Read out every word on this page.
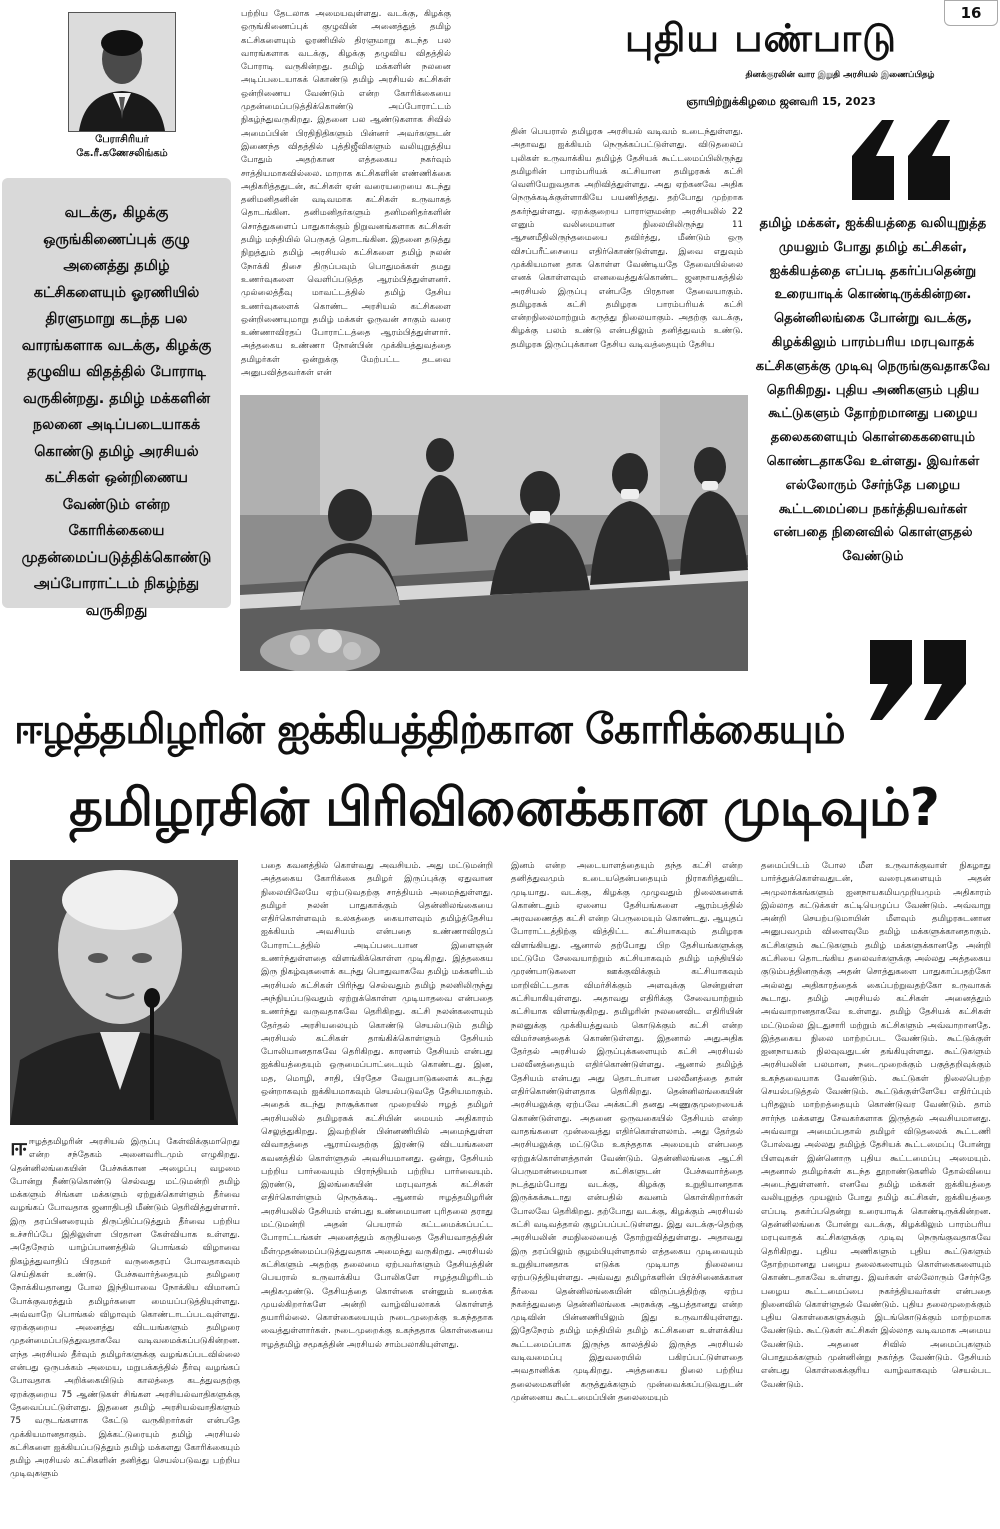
பேராசிரியர்
கே.ரீ.கணேசலிங்கம்
வடக்கு, கிழக்கு ஒருங்கிணைப்புக் குழு அனைத்து தமிழ் கட்சிகளையும் ஓரணியில் திரளுமாறு கடந்த பல வாரங்களாக வடக்கு, கிழக்கு தழுவிய விதத்தில் போராடி வருகின்றது. தமிழ் மக்களின் நலனை அடிப்படையாகக் கொண்டு தமிழ் அரசியல் கட்சிகள் ஒன்றிணைய வேண்டும் என்ற கோரிக்கையை முதன்மைப்படுத்திக்கொண்டு அப்போராட்டம் நிகழ்ந்து வருகிறது
பற்றிய தேடலாக அமையவுள்ளது. வடக்கு, கிழக்கு ஒருங்கிணைப்புக் குழுவின் அனைத்துத் தமிழ் கட்சிகளையும் ஓரணியில் திரளுமாறு கடந்த பல வாரங்களாக வடக்கு, கிழக்கு தழுவிய விதத்தில் போராடி வருகின்றது. தமிழ் மக்களின் நலனை அடிப்படையாகக் கொண்டு தமிழ் அரசியல் கட்சிகள் ஒன்றிணைய வேண்டும் என்ற கோரிக்கையை முதன்மைப்படுத்திக்கொண்டு அப்போராட்டம் நிகழ்ந்துவருகிறது. இதனை பல ஆண்டுகளாக சிவில் அமைப்பின் பிரதிநிதிகளும் பின்னர் அவர்களுடன் இணைந்த விதத்தில் புத்திஜீவிகளும் வலியுறுத்திய போதும் அதற்கான எத்தகைய நகர்வும் சாத்தியமாகவில்லை. மாறாக கட்சிகளின் எண்ணிக்கை அதிகரித்ததுடன், கட்சிகள் ஏன் வரையறையை கடந்து தனிமனிதனின் வடிவமாக கட்சிகள் உருவாகத் தொடங்கின. தனிமனிதர்களும் தனிமனிதர்களின் சொத்துகளைப் பாதுகாக்கும் நிறுவனங்களாக கட்சிகள் தமிழ் மந்தியில் பெருகத் தொடங்கின. இதனை தடுத்து நிறுத்தும் தமிழ் அரசியல் கட்சிகளை தமிழ் நலன் நோக்கி திசை திருப்பவும் பொதுமக்கள் தமது உணர்வுகளை வெளிப்படுத்த ஆரம்பித்துள்ளனர். முல்லைத்தீவு மாவட்டத்தில் தமிழ் தேசிய உணர்வுகளைக் கொண்ட அரசியல் கட்சிகளை ஒன்றிணையுமாறு தமிழ் மக்கள் ஓருவன் சாகும் வரை உண்ணாவிரதப் போராட்டத்தை ஆரம்பித்துள்ளார். அத்தகைய உண்ணா நோன்பின் முக்கியத்துவத்தை தமிழர்கள் ஒன்றுக்கு மேற்பட்ட தடவை அனுபவித்தவர்கள் என்
புதிய பண்பாடு
16
தினக்குரலின் வார இறுதி அரசியல் இணைப்பிதழ்
ஞாயிற்றுக்கிழமை ஜனவரி 15, 2023
தின் பெயரால் தமிழரசு அரசியல் வடிவம் உடைந்துள்ளது. அதாவது ஐக்கியம் நெருக்கப்பட்டுள்ளது. விடுதலைப் புலிகள் உருவாக்கிய தமிழ்த் தேசியக் கூட்டமைப்பிலிருந்து தமிழரின் பாரம்பரியக் கட்சியான தமிழரசுக் கட்சி வெளியேறுவதாக அறிவித்துள்ளது. அது ஏற்கனவே அதிக நெருக்கடிக்குள்ளாகியே பயணித்தது. தற்போது முற்றாக தகர்ந்துள்ளது. ஏறக்குறைய பாராளுமன்ற அரசியலில் 22 எனும் வலிமையான நிலையிலிருந்து 11 ஆசனமீதிலிருந்தமையை தவிர்த்து, மீண்டும் ஒரு விசப்பரீட்சையை எதிர்கொண்டுள்ளது. இவை எதுவும் முக்கியமான தாக கொள்ள வேண்டியதே தேவையில்லை எனக் கொள்ளவும் எனவைத்துக்கொண்ட ஜனநாயகத்தில் அரசியல் இருப்பு என்பதே பிரதான தேவையாகும். தமிழரசுக் கட்சி தமிழரசு பாரம்பரியக் கட்சி என்றநிலைமாற்றும் கருத்து நிலையாகும். அதற்கு வடக்கு, கிழக்கு பலம் உண்டு என்பதிலும் தனித்துவம் உண்டு. தமிழரசு இருப்புக்கான தேசிய வடிவத்தையும் தேசிய
தமிழ் மக்கள், ஐக்கியத்தை வலியுறுத்த முயலும் போது தமிழ் கட்சிகள், ஐக்கியத்தை எப்படி தகர்ப்பதென்று உரையாடிக் கொண்டிருக்கின்றன. தென்னிலங்கை போன்று வடக்கு, கிழக்கிலும் பாரம்பரிய மரபுவாதக் கட்சிகளுக்கு முடிவு நெருங்குவதாகவே தெரிகிறது. புதிய அணிகளும் புதிய கூட்டுகளும் தோற்றமானது பழைய தலைகளையும் கொள்கைகளையும் கொண்டதாகவே உள்ளது. இவர்கள் எல்லோரும் சேர்ந்தே பழைய கூட்டமைப்பை நகர்த்தியவர்கள் என்பதை நினைவில் கொள்ளுதல் வேண்டும்
ஈழத்தமிழரின் ஐக்கியத்திற்கான கோரிக்கையும்
தமிழரசின் பிரிவினைக்கான முடிவும்?
ஈஈழத்தமிழரின் அரசியல் இருப்பு கேள்விக்குமாறெது என்ற சந்தேகம் அனைவரிடமும் எழுகிறது. தென்னிலங்கையின் பேச்சுக்கான அழைப்பு வழமை போன்று நீண்டுகொண்டு செல்வது மட்டுமன்றி தமிழ் மக்களும் சிங்கள மக்களும் ஏற்றுக்கொள்ளும் தீர்வை வழங்கப் போவதாக ஜனாதிபதி மீண்டும் தெரிவித்துள்ளார். இரு தரப்பினரையும் திருப்திப்படுத்தும் தீர்வை பற்றிய உச்சரிப்பே இதிலுள்ள பிரதான கேள்வியாக உள்ளது. அதேநேரம் யாழ்ப்பாணத்தில் பொங்கல் விழாவை நிகழ்த்துவாதிப் பிரதமர் வருகைதரப் போவதாகவும் செய்திகள் உண்டு. பேச்சுவார்த்தையும் தமிழரை நோக்கியதானது போல இந்தியாவை நோக்கிய விமானப் போக்குவரத்தும் தமிழர்களை மையப்படுத்தியுள்ளது. அவ்வாறே பொங்கல் விழாவும் கொண்டாடப்படவுள்ளது. ஏறக்குறைய அனைத்து விடயங்களும் தமிழரை முதன்மைப்படுத்துவதாகவே வடிவமைக்கப்படுகின்றன. எந்த அரசியல் தீர்வும் தமிழர்களுக்கு வழங்கப்படவில்லை என்பது ஒருபக்கம் அமைய, மறுபக்கத்தில் தீர்வு வழங்கப் போவதாக அறிக்கையிடும் காலத்தை கடத்துவதற்கு ஏறக்குறைய 75 ஆண்டுகள் சிங்கள அரசியல்வாதிகளுக்கு தேவைப்பட்டுள்ளது. இதனை தமிழ் அரசியல்வாதிகளும் 75 வருடங்களாக கேட்டு வருகிறார்கள் என்பதே முக்கியமானதாகும். இக்கட்டுரையும் தமிழ் அரசியல் கட்சிகளை ஐக்கியப்படுத்தும் தமிழ் மக்களது கோரிக்கையும் தமிழ் அரசியல் கட்சிகளின் தனித்து செயல்படுவது பற்றிய முடிவுகளும்
பதை கவனத்தில் கொள்வது அவசியம். அது மட்டுமன்றி அத்தகைய கோரிக்கை தமிழர் இருப்புக்கு ஏதுவான நிலையிலேயே ஏற்படுவதற்கு சாத்தியம் அமைந்துள்ளது. தமிழர் நலன் பாதுகாக்கும் தென்னிலங்கையை எதிர்கொள்ளவும் உலகத்தை கையாளவும் தமிழ்த்தேசிய ஐக்கியம் அவசியம் என்பதை உண்ணாவிரதப் போராட்டத்தில் அடிப்படையான இளைஞன் உணர்ந்துள்ளதை விளங்கிக்கொள்ள முடிகிறது. இத்தகைய இரு நிகழ்வுகளைக் கடந்து பொதுவாகவே தமிழ் மக்களிடம் அரசியல் கட்சிகள் பிரிந்து செல்வதும் தமிழ் நலனிலிருந்து அந்நியப்படுவதும் ஏற்றுக்கொள்ள முடியாதவை என்பதை உணர்ந்து வருவதாகவே தெரிகிறது. கட்சி நலன்களையும் தேர்தல் அரசியலையும் கொண்டு செயல்படும் தமிழ் அரசியல் கட்சிகள் தாங்கிக்கொள்ளும் தேசியம் போலியானதாகவே தெரிகிறது. காரணம் தேசியம் என்பது ஐக்கியத்தையும் ஒருமைப்பாட்டையும் கொண்டது. இன, மத, மொழி, சாதி, பிரதேச வேறுபாடுகளைக் கடந்து ஒன்றாகவும் ஐக்கியமாகவும் செயல்படுவதே தேசியமாகும். அதைக் கடந்து நாசூக்கான முறையில் ஈழத் தமிழர் அரசியலில் தமிழரசுக் கட்சியின் மையம் அதிகாரம் செலுத்துகிறது. இவற்றின் பின்னணியில் அமைந்துள்ள விவாதத்தை ஆராய்வதற்கு இரண்டு விடயங்களை கவனத்தில் கொள்ளுதல் அவசியமானது. ஒன்று, தேசியம் பற்றிய பார்வையும் பிராந்தியம் பற்றிய பார்வையும். இரண்டு, இலங்கையின் மரபுவாதக் கட்சிகள் எதிர்கொள்ளும் நெருக்கடி. ஆனால் ஈழத்தமிழரின் அரசியலில் தேசியம் என்பது உண்மையான புரிதலை தராது மட்டுமன்றி அதன் பெயரால் கட்டமைக்கப்பட்ட போராட்டங்கள் அனைத்தும் கருதியதை தேசியவாதத்தின் மீள்முதன்மைப்படுத்துவதாக அமைந்து வருகிறது. அரசியல் கட்சிகளும் அதற்கு தலைமை ஏற்பவர்களும் தேசியத்தின் பெயரால் உருவாக்கிய போலிகளே ஈழத்தமிழரிடம் அதிகமுண்டு. தேசியத்தை கொள்கை என்னும் உரைக்க முயல்கிறார்களே அன்றி வாழ்வியலாகக் கொள்ளத் தயாரில்லை. கொள்கையையும் நடைமுறைக்கு உகந்ததாக வைத்துள்ளார்கள். நடைமுறைக்கு உகந்ததாக கொள்கையை ஈழத்தமிழ் சமூகத்தின் அரசியல் சாம்பலாகியுள்ளது.
இனம் என்ற அடையாளத்தையும் தந்த கட்சி என்ற தனித்துவமும் உடையதென்பதையும் நிராகரித்துவிட முடியாது. வடக்கு, கிழக்கு முழுவதும் நிலைகளைக் கொண்டதும் ஏனைய தேசியங்களை ஆரம்பத்தில் அரவணைத்த கட்சி என்ற பெருமையும் கொண்டது. ஆயுதப் போராட்டத்திற்கு வித்திட்ட கட்சியாகவும் தமிழரசு விளங்கியது. ஆனால் தற்போது பிற தேசியங்களுக்கு மட்டுமே சேவையாற்றும் கட்சியாகவும் தமிழ் மந்தியில் முரண்பாடுகளை ஊக்குவிக்கும் கட்சியாகவும் மாறிவிட்டதாக விமர்சிக்கும் அளவுக்கு சென்றுள்ள கட்சியாகியுள்ளது. அதாவது எதிரிக்கு சேவையாற்றும் கட்சியாக விளங்குகிறது. தமிழரின் நலனைவிட எதிரியின் நலனுக்கு முக்கியத்துவம் கொடுக்கும் கட்சி என்ற விமர்சனத்தைக் கொண்டுள்ளது. இதனால் அதுஅதிக தேர்தல் அரசியல் இருப்புக்களையும் கட்சி அரசியல் பலவீனத்தையும் எதிர்கொண்டுள்ளது. ஆனால் தமிழ்த் தேசியம் என்பது அது தொடர்பான பலவீனத்தை தான் எதிர்கொண்டுள்ளதாக தெரிகிறது. தென்னிலங்கையின் அரசியலுக்கு ஏற்பவே அக்கட்சி தனது அணுகுமுறையைக் கொண்டுள்ளது. அதனை ஒருவகையில் தேசியம் என்ற வாதங்களை முன்வைத்து எதிர்கொள்ளலாம். அது தேர்தல் அரசியலுக்கு மட்டுமே உகந்ததாக அமையும் என்பதை ஏற்றுக்கொள்ளத்தான் வேண்டும். தென்னிலங்கை ஆட்சி பெருமான்மையான கட்சிகளுடன் பேச்சுவார்த்தை நடத்தும்போது வடக்கு, கிழக்கு உறுதியானதாக இருக்கக்கூடாது என்பதில் கவனம் கொள்கிறார்கள் போலவே தெரிகிறது. தற்போது வடக்கு, கிழக்கும் அரசியல் கட்சி வடிவத்தால் குழப்பப்பட்டுள்ளது. இது வடக்கு-தெற்கு அரசியலின் சமநிலையைத் தோற்றுவித்துள்ளது. அதாவது இரு தரப்பிலும் குழம்பியுள்ளதால் எத்தகைய முடிவையும் உறுதியானதாக எடுக்க முடியாத நிலையை ஏற்படுத்தியுள்ளது. அவ்வது தமிழர்களின் பிரச்சினைக்கான தீர்வை தென்னிலங்கையின் விருப்பத்திற்கு ஏற்ப நகர்த்துவதை தென்னிலங்கை அரசுக்கு ஆபத்தானது என்ற முடிவின் பின்னணியிலும் இது உருவாகியுள்ளது. இதேநேரம் தமிழ் மந்தியில் தமிழ் கட்சிகளை உள்ளக்கிய கூட்டமைப்பாக இருந்த காலத்தில் இருந்த அரசியல் வடிவமைப்பு இதுவரையில் பகிரப்பட்டுள்ளதை அவதானிக்க முடிகிறது. அத்தகைய நிலை பற்றிய தலைமைகளின் கருத்துக்களும் முன்வைக்கப்படுவதுடன் முன்னைய கூட்டமைப்பின் தலைமையும்
தமைப்பிடம் போல மீள உருவாக்குவாள் நிகழாது பார்த்துக்கொள்வதுடன், வரைபுகளையும் அதன் அமுலாக்கங்களும் ஐனநாயகமியமுறியமும் அதிகாரம் இல்லாத கட்டுக்கள் கட்டியெழுப்ப வேண்டும். அவ்வாறு அன்றி செயற்படுமாயின் மீளவும் தமிழரசுடனான அனுபவமும் விளைவுமே தமிழ் மக்களுக்கானதாகும். கட்சிகளும் கூட்டுகளும் தமிழ் மக்களுக்கானதே அன்றி கட்சியை தொடங்கிய தலைவர்களுக்கு அல்லது அத்தகைய குடும்பத்தினருக்கு அதன் சொத்துகளை பாதுகாப்பதற்கோ அல்லது அதிகாரத்தைக் கைப்பற்றுவதற்கோ உருவாகக் கூடாது. தமிழ் அரசியல் கட்சிகள் அனைத்தும் அவ்வாறானதாகவே உள்ளது. தமிழ் தேசியக் கட்சிகள் மட்டுமல்ல இடதுசாரி மற்றும் கட்சிகளும் அவ்வாறானதே. இத்தகைய நிலை மாற்றப்பட வேண்டும். கூட்டுக்குள் ஐனநாயகம் நிலவுவதுடன் தங்கியுள்ளது. கூட்டுகளும் அரசியலின் பலமான, நடைமுறைக்கும் பகுத்தறிவுக்கும் உகந்தவையாக வேண்டும். கூட்டுகள் நிலைபெற்ற செயல்படுத்தல் வேண்டும். கூட்டுக்குள்ளேயே எதிர்ப்பும் புரிதலும் மாற்றத்தையும் கொண்டுவர வேண்டும். தாம் சார்ந்த மக்களது சேவகர்களாக இருத்தல் அவசியமானது. அவ்வாறு அமைப்பதால் தமிழர் விடுதலைக் கூட்டணி போல்வது அல்லது தமிழ்த் தேசியக் கூட்டமைப்பு போன்று பிளவுகள் இன்னொரு புதிய கூட்டமைப்பு அமையும். அதனால் தமிழர்கள் கடந்த தூறாண்டுகளில் தோல்வியை அடைந்துள்ளனர். எனவே தமிழ் மக்கள் ஐக்கியத்தை வலியுறுத்த முயலும் போது தமிழ் கட்சிகள், ஐக்கியத்தை எப்படி தகர்ப்பதென்று உரையாடிக் கொண்டிருக்கின்றன. தென்னிலங்கை போன்று வடக்கு, கிழக்கிலும் பாரம்பரிய மரபுவாதக் கட்சிகளுக்கு முடிவு நெருங்குவதாகவே தெரிகிறது. புதிய அணிகளும் புதிய கூட்டுகளும் தோற்றமானது பழைய தலைகளையும் கொள்கைகளையும் கொண்டதாகவே உள்ளது. இவர்கள் எல்லோரும் சேர்ந்தே பழைய கூட்டமைப்பை நகர்த்தியவர்கள் என்பதை நினைவில் கொள்ளுதல் வேண்டும். புதிய தலைமுறைக்கும் புதிய கொள்கைகளுக்கும் இடங்கொடுக்கும் மாற்றமாக வேண்டும். கூட்டுகள் கட்சிகள் இல்லாத வடிவமாக அமைய வேண்டும். அதனை சிவில் அமைப்புகளும் பொதுமக்களும் முன்னின்று நகர்த்த வேண்டும். தேசியம் என்பது கொள்கைக்குரிய வாழ்வாகவும் செயல்பட வேண்டும்.
